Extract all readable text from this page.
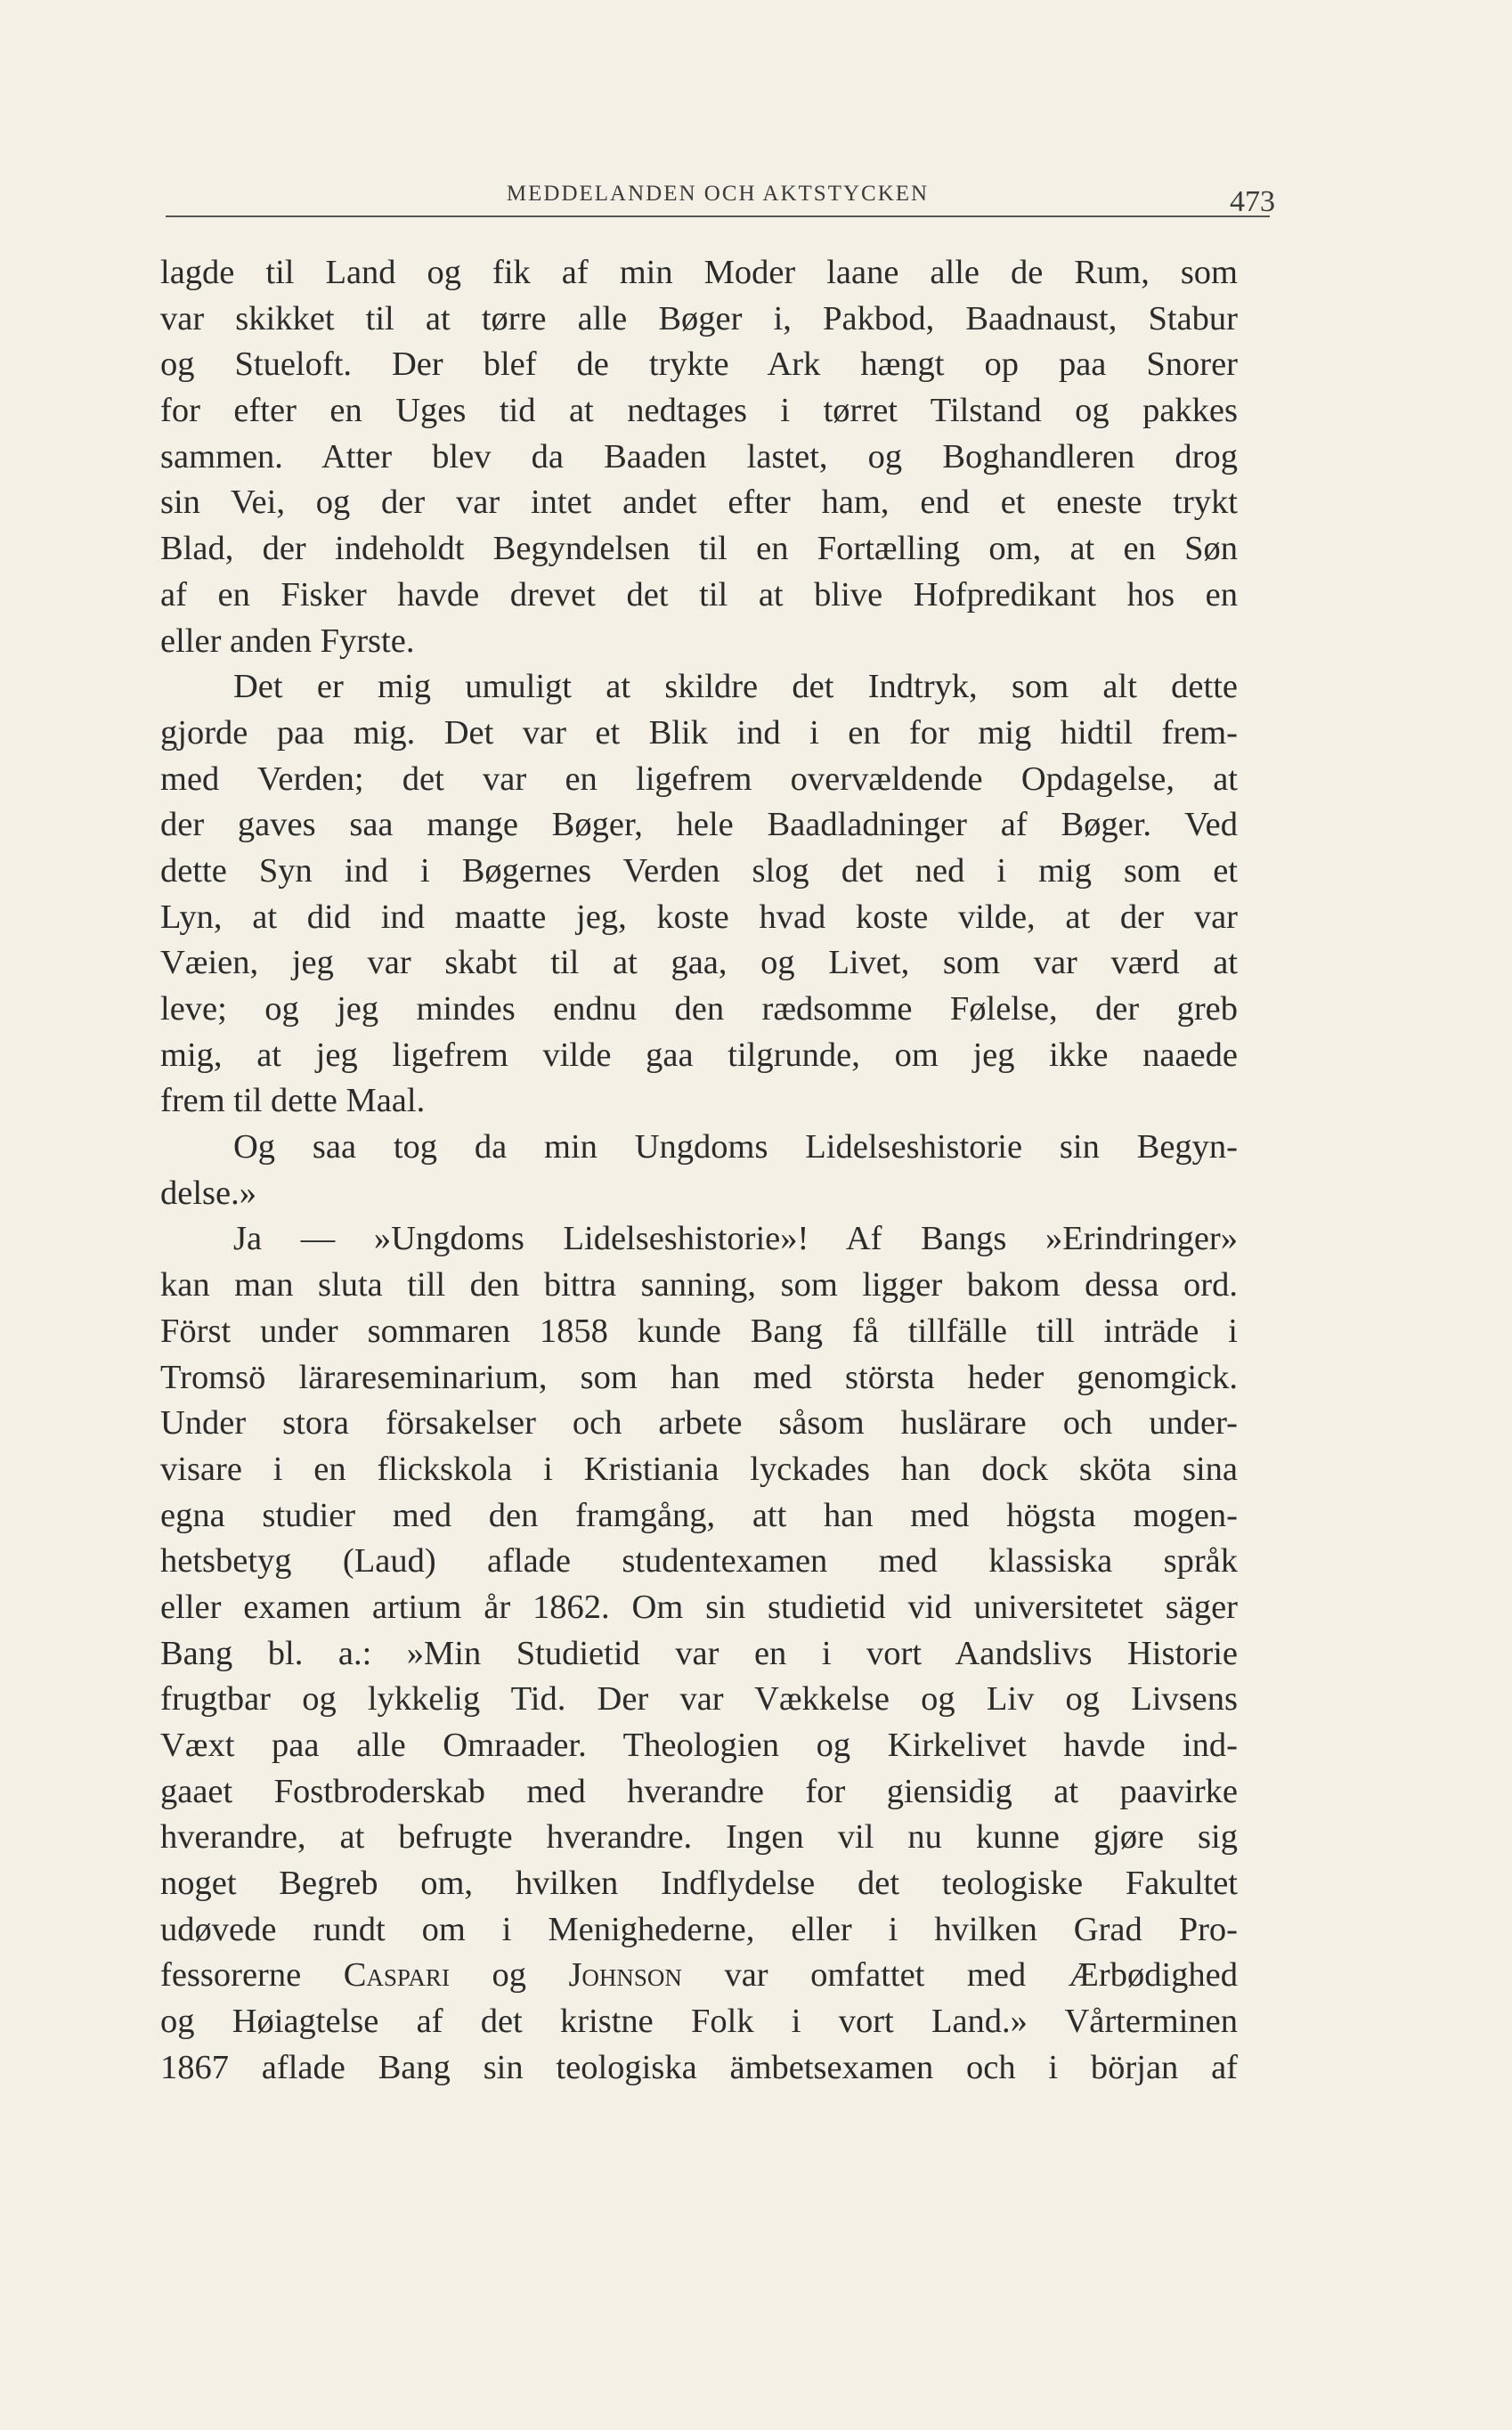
MEDDELANDEN OCH AKTSTYCKEN	473
lagde til Land og fik af min Moder laane alle de Rum, som
var skikket til at tørre alle Bøger i, Pakbod, Baadnaust, Stabur
og Stueloft. Der blef de trykte Ark hængt op paa Snorer
for efter en Uges tid at nedtages i tørret Tilstand og pakkes
sammen. Atter blev da Baaden lastet, og Boghandleren drog
sin Vei, og der var intet andet efter ham, end et eneste trykt
Blad, der indeholdt Begyndelsen til en Fortælling om, at en Søn
af en Fisker havde drevet det til at blive Hofpredikant hos en
eller anden Fyrste.
Det er mig umuligt at skildre det Indtryk, som alt dette
gjorde paa mig. Det var et Blik ind i en for mig hidtil frem-
med Verden; det var en ligefrem overvældende Opdagelse, at
der gaves saa mange Bøger, hele Baadladninger af Bøger. Ved
dette Syn ind i Bøgernes Verden slog det ned i mig som et
Lyn, at did ind maatte jeg, koste hvad koste vilde, at der var
Væien, jeg var skabt til at gaa, og Livet, som var værd at
leve; og jeg mindes endnu den rædsomme Følelse, der greb
mig, at jeg ligefrem vilde gaa tilgrunde, om jeg ikke naaede
frem til dette Maal.
Og saa tog da min Ungdoms Lidelseshistorie sin Begyn-
delse.»
Ja — »Ungdoms Lidelseshistorie»! Af Bangs »Erindringer»
kan man sluta till den bittra sanning, som ligger bakom dessa ord.
Först under sommaren 1858 kunde Bang få tillfälle till inträde i
Tromsö lärareseminarium, som han med största heder genomgick.
Under stora försakelser och arbete såsom huslärare och under-
visare i en flickskola i Kristiania lyckades han dock sköta sina
egna studier med den framgång, att han med högsta mogen-
hetsbetyg (Laud) aflade studentexamen med klassiska språk
eller examen artium år 1862. Om sin studietid vid universitetet säger
Bang bl. a.: »Min Studietid var en i vort Aandslivs Historie
frugtbar og lykkelig Tid. Der var Vækkelse og Liv og Livsens
Væxt paa alle Omraader. Theologien og Kirkelivet havde ind-
gaaet Fostbroderskab med hverandre for giensidig at paavirke
hverandre, at befrugte hverandre. Ingen vil nu kunne gjøre sig
noget Begreb om, hvilken Indflydelse det teologiske Fakultet
udøvede rundt om i Menighederne, eller i hvilken Grad Pro-
fessorerne Caspari og Johnson var omfattet med Ærbødighed
og Høiagtelse af det kristne Folk i vort Land.» Vårterminen
1867 aflade Bang sin teologiska ämbetsexamen och i början af
